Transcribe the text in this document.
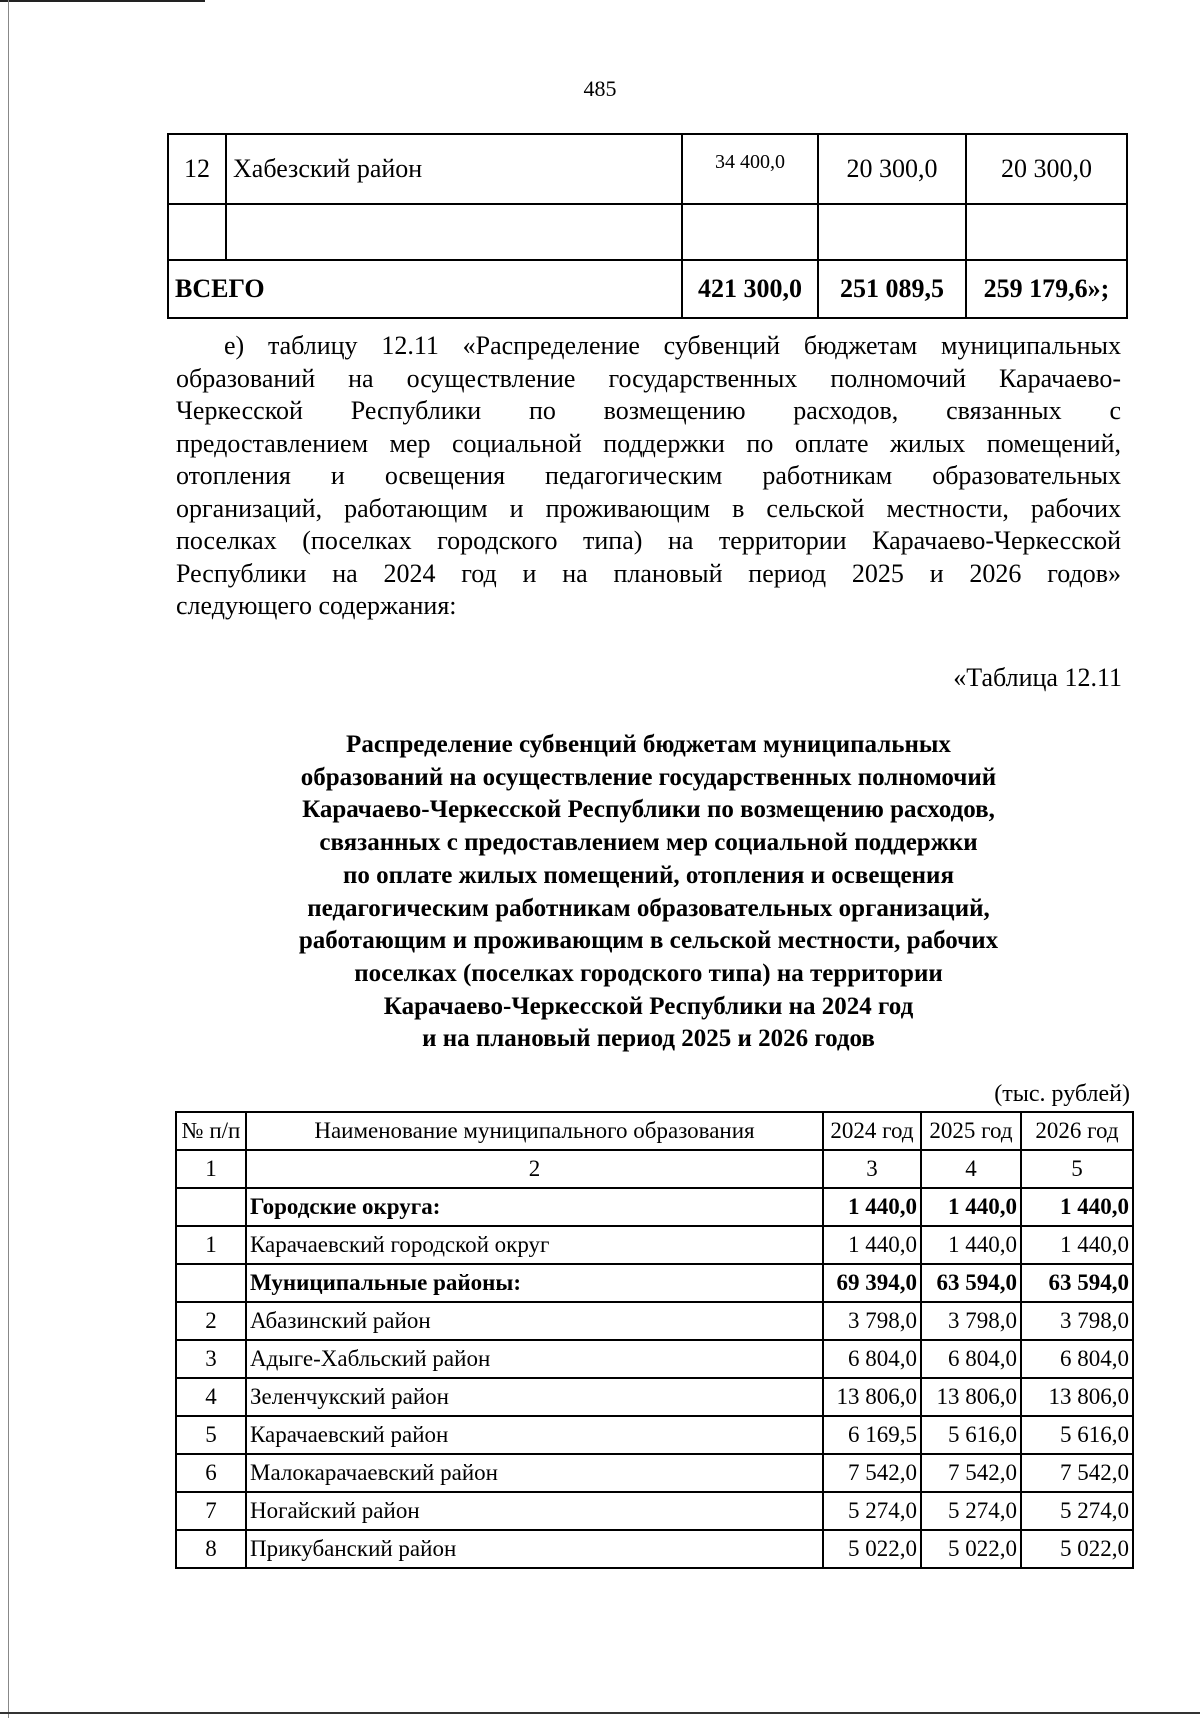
485
12	Хабезский район	34 400,0	20 300,0	20 300,0

ВСЕГО		421 300,0	251 089,5	259 179,6»;
е) таблицу 12.11 «Распределение субвенций бюджетам муниципальных
образований на осуществление государственных полномочий Карачаево-
Черкесской Республики по возмещению расходов, связанных с
предоставлением мер социальной поддержки по оплате жилых помещений,
отопления и освещения педагогическим работникам образовательных
организаций, работающим и проживающим в сельской местности, рабочих
поселках (поселках городского типа) на территории Карачаево-Черкесской
Республики на 2024 год и на плановый период 2025 и 2026 годов»
следующего содержания:
«Таблица 12.11
Распределение субвенций бюджетам муниципальных
образований на осуществление государственных полномочий
Карачаево-Черкесской Республики по возмещению расходов,
связанных с предоставлением мер социальной поддержки
по оплате жилых помещений, отопления и освещения
педагогическим работникам образовательных организаций,
работающим и проживающим в сельской местности, рабочих
поселках (поселках городского типа) на территории
Карачаево-Черкесской Республики на 2024 год
и на плановый период 2025 и 2026 годов
(тыс. рублей)
№ п/п	Наименование муниципального образования	2024 год	2025 год	2026 год
1	2	3	4	5
	Городские округа:	1 440,0	1 440,0	1 440,0
1	Карачаевский городской округ	1 440,0	1 440,0	1 440,0
	Муниципальные районы:	69 394,0	63 594,0	63 594,0
2	Абазинский район	3 798,0	3 798,0	3 798,0
3	Адыге-Хабльский район	6 804,0	6 804,0	6 804,0
4	Зеленчукский район	13 806,0	13 806,0	13 806,0
5	Карачаевский район	6 169,5	5 616,0	5 616,0
6	Малокарачаевский район	7 542,0	7 542,0	7 542,0
7	Ногайский район	5 274,0	5 274,0	5 274,0
8	Прикубанский район	5 022,0	5 022,0	5 022,0
